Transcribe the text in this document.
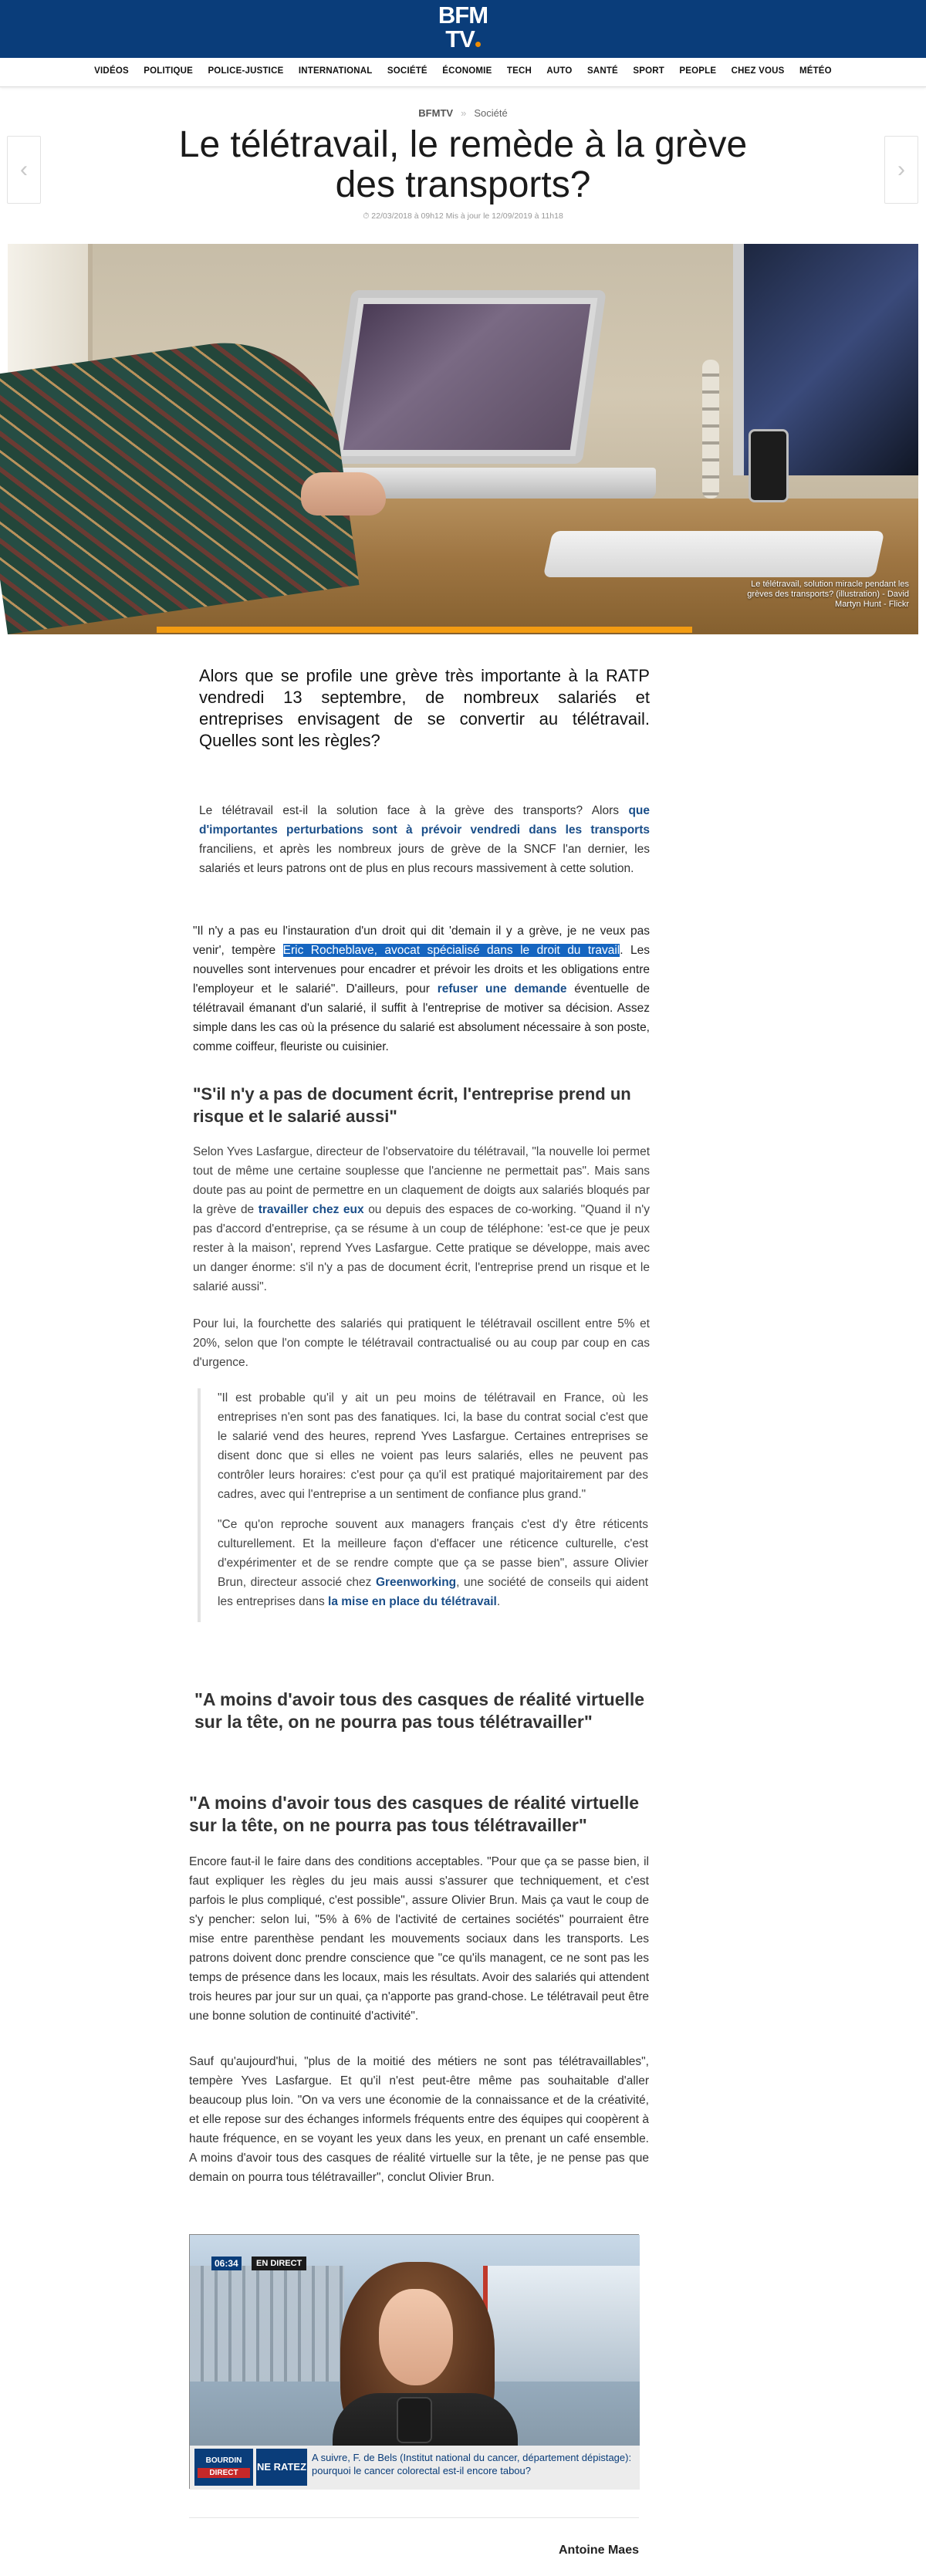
BFM
TV
VIDÉOS POLITIQUE POLICE-JUSTICE INTERNATIONAL SOCIÉTÉ ÉCONOMIE TECH AUTO SANTÉ SPORT PEOPLE CHEZ VOUS MÉTÉO
BFMTV » Société
‹	›
Le télétravail, le remède à la grève des transports?
⏱ 22/03/2018 à 09h12 Mis à jour le 12/09/2019 à 11h18
Le télétravail, solution miracle pendant les grèves des transports? (illustration) - David Martyn Hunt - Flickr

Alors que se profile une grève très importante à la RATP vendredi 13 septembre, de nombreux salariés et entreprises envisagent de se convertir au télétravail. Quelles sont les règles?

Le télétravail est-il la solution face à la grève des transports? Alors que d'importantes perturbations sont à prévoir vendredi dans les transports franciliens, et après les nombreux jours de grève de la SNCF l'an dernier, les salariés et leurs patrons ont de plus en plus recours massivement à cette solution.

"Il n'y a pas eu l'instauration d'un droit qui dit 'demain il y a grève, je ne veux pas venir', tempère Eric Rocheblave, avocat spécialisé dans le droit du travail. Les nouvelles sont intervenues pour encadrer et prévoir les droits et les obligations entre l'employeur et le salarié". D'ailleurs, pour refuser une demande éventuelle de télétravail émanant d'un salarié, il suffit à l'entreprise de motiver sa décision. Assez simple dans les cas où la présence du salarié est absolument nécessaire à son poste, comme coiffeur, fleuriste ou cuisinier.

"S'il n'y a pas de document écrit, l'entreprise prend un risque et le salarié aussi"

Selon Yves Lasfargue, directeur de l'observatoire du télétravail, "la nouvelle loi permet tout de même une certaine souplesse que l'ancienne ne permettait pas". Mais sans doute pas au point de permettre en un claquement de doigts aux salariés bloqués par la grève de travailler chez eux ou depuis des espaces de co-working. "Quand il n'y pas d'accord d'entreprise, ça se résume à un coup de téléphone: 'est-ce que je peux rester à la maison', reprend Yves Lasfargue. Cette pratique se développe, mais avec un danger énorme: s'il n'y a pas de document écrit, l'entreprise prend un risque et le salarié aussi".

Pour lui, la fourchette des salariés qui pratiquent le télétravail oscillent entre 5% et 20%, selon que l'on compte le télétravail contractualisé ou au coup par coup en cas d'urgence.

"Il est probable qu'il y ait un peu moins de télétravail en France, où les entreprises n'en sont pas des fanatiques. Ici, la base du contrat social c'est que le salarié vend des heures, reprend Yves Lasfargue. Certaines entreprises se disent donc que si elles ne voient pas leurs salariés, elles ne peuvent pas contrôler leurs horaires: c'est pour ça qu'il est pratiqué majoritairement par des cadres, avec qui l'entreprise a un sentiment de confiance plus grand."

"Ce qu'on reproche souvent aux managers français c'est d'y être réticents culturellement. Et la meilleure façon d'effacer une réticence culturelle, c'est d'expérimenter et de se rendre compte que ça se passe bien", assure Olivier Brun, directeur associé chez Greenworking, une société de conseils qui aident les entreprises dans la mise en place du télétravail.

"A moins d'avoir tous des casques de réalité virtuelle sur la tête, on ne pourra pas tous télétravailler"
"A moins d'avoir tous des casques de réalité virtuelle sur la tête, on ne pourra pas tous télétravailler"

Encore faut-il le faire dans des conditions acceptables. "Pour que ça se passe bien, il faut expliquer les règles du jeu mais aussi s'assurer que techniquement, et c'est parfois le plus compliqué, c'est possible", assure Olivier Brun. Mais ça vaut le coup de s'y pencher: selon lui, "5% à 6% de l'activité de certaines sociétés" pourraient être mise entre parenthèse pendant les mouvements sociaux dans les transports. Les patrons doivent donc prendre conscience que "ce qu'ils managent, ce ne sont pas les temps de présence dans les locaux, mais les résultats. Avoir des salariés qui attendent trois heures par jour sur un quai, ça n'apporte pas grand-chose. Le télétravail peut être une bonne solution de continuité d'activité".

Sauf qu'aujourd'hui, "plus de la moitié des métiers ne sont pas télétravaillables", tempère Yves Lasfargue. Et qu'il n'est peut-être même pas souhaitable d'aller beaucoup plus loin. "On va vers une économie de la connaissance et de la créativité, et elle repose sur des échanges informels fréquents entre des équipes qui coopèrent à haute fréquence, en se voyant les yeux dans les yeux, en prenant un café ensemble. A moins d'avoir tous des casques de réalité virtuelle sur la tête, je ne pense pas que demain on pourra tous télétravailler", conclut Olivier Brun.

06:34	EN DIRECT
BOURDIN
DIRECT
NE RATEZ PAS
A suivre, F. de Bels (Institut national du cancer, département dépistage): pourquoi le cancer colorectal est-il encore tabou?
Antoine Maes
